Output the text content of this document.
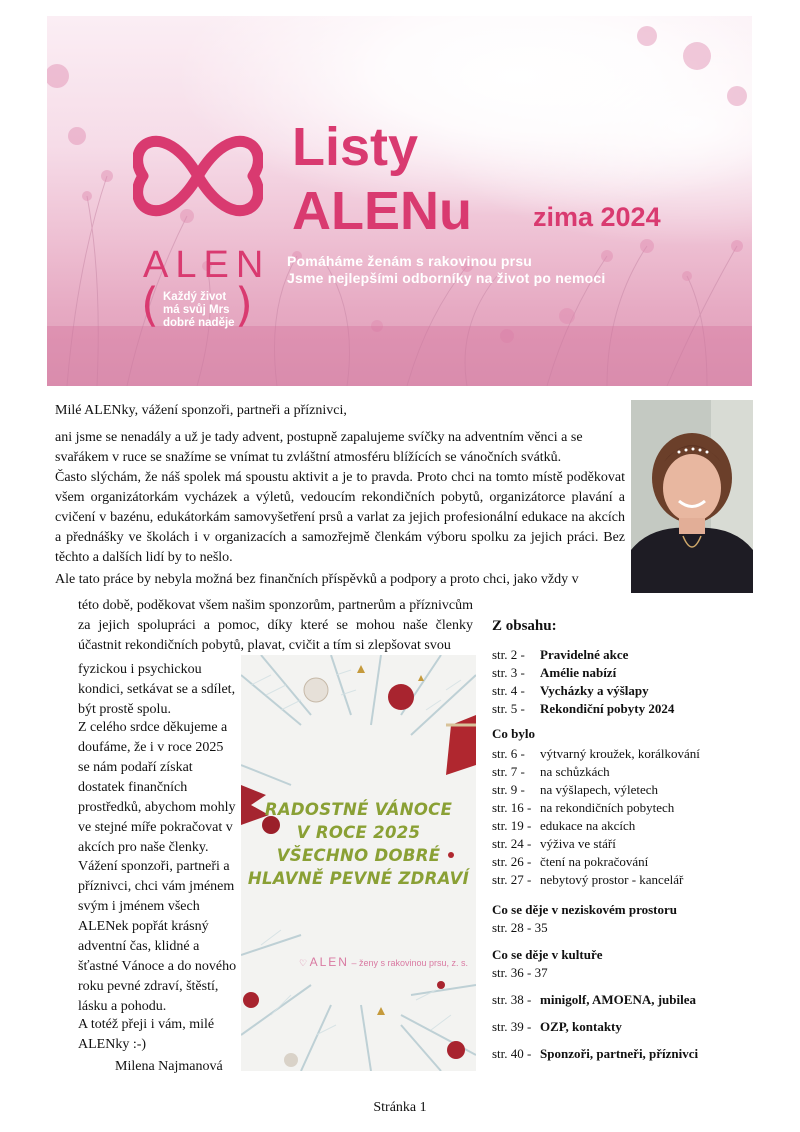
ALEN
( Každý život má svůj Mrs dobré naděje )
Listy
ALENu zima 2024
Pomáháme ženám s rakovinou prsu
Jsme nejlepšími odborníky na život po nemoci

Milé ALENky, vážení sponzoři, partneři a příznivci,

ani jsme se nenadály a už je tady advent, postupně zapalujeme svíčky na adventním věnci a se svařákem v ruce se snažíme se vnímat tu zvláštní atmosféru blížících se vánočních svátků.

Často slýchám, že náš spolek má spoustu aktivit a je to pravda. Proto chci na tomto místě poděkovat všem organizátorkám vycházek a výletů, vedoucím rekondičních pobytů, organizátorce plavání a cvičení v bazénu, edukátorkám samovyšetření prsů a varlat za jejich profesionální edukace na akcích a přednášky ve školách i v organizacích a samozřejmě členkám výboru spolku za jejich práci. Bez těchto a dalších lidí by to nešlo.

Ale tato práce by nebyla možná bez finančních příspěvků a podpory a proto chci, jako vždy v

této době, poděkovat všem našim sponzorům, partnerům a příznivcům za jejich spolupráci a pomoc, díky které se mohou naše členky účastnit rekondičních pobytů, plavat, cvičit a tím si zlepšovat svou

fyzickou i psychickou kondici, setkávat se a sdílet, být prostě spolu.

Z celého srdce děkujeme a doufáme, že i v roce 2025 se nám podaří získat dostatek finančních prostředků, abychom mohly ve stejné míře pokračovat v akcích pro naše členky.

Vážení sponzoři, partneři a příznivci, chci vám jménem svým i jménem všech ALENek popřát krásný adventní čas, klidné a šťastné Vánoce a do nového roku pevné zdraví, štěstí, lásku a pohodu.

A totéž přeji i vám, milé ALENky :-)

Milena Najmanová

RADOSTNÉ VÁNOCE
V ROCE 2025
VŠECHNO DOBRÉ
HLAVNĚ PEVNÉ ZDRAVÍ
♡ ALEN – ženy s rakovinou prsu, z. s.
Z obsahu:
str. 2 - Pravidelné akce
str. 3 - Amélie nabízí
str. 4 - Vycházky a výšlapy
str. 5 - Rekondiční pobyty 2024
Co bylo
str. 6 - výtvarný kroužek, korálkování
str. 7 - na schůzkách
str. 9 - na výšlapech, výletech
str. 16 - na rekondičních pobytech
str. 19 - edukace na akcích
str. 24 - výživa ve stáří
str. 26 - čtení na pokračování
str. 27 - nebytový prostor - kancelář
Co se děje v neziskovém prostoru
str. 28 - 35
Co se děje v kultuře
str. 36 - 37
str. 38 - minigolf, AMOENA, jubilea
str. 39 - OZP, kontakty
str. 40 - Sponzoři, partneři, příznivci
Stránka 1
